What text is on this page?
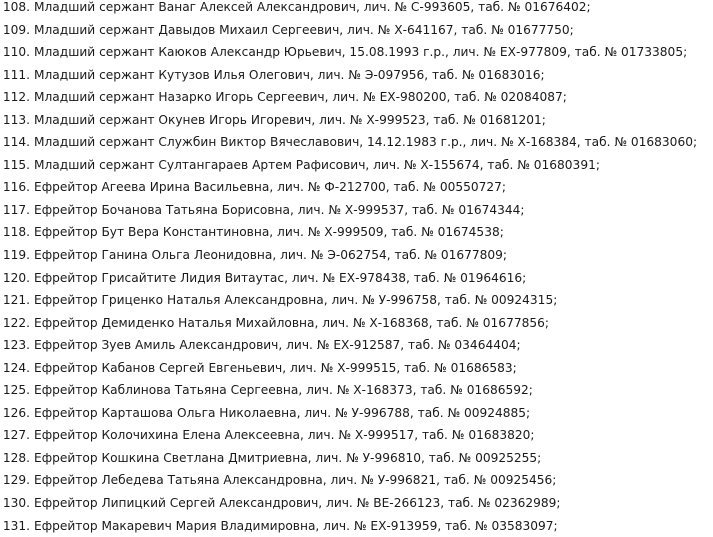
108. Младший сержант Ванаг Алексей Александрович, лич. № С-993605, таб. № 01676402;
109. Младший сержант Давыдов Михаил Сергеевич, лич. № Х-641167, таб. № 01677750;
110. Младший сержант Каюков Александр Юрьевич, 15.08.1993 г.р., лич. № ЕХ-977809, таб. № 01733805;
111. Младший сержант Кутузов Илья Олегович, лич. № Э-097956, таб. № 01683016;
112. Младший сержант Назарко Игорь Сергеевич, лич. № ЕХ-980200, таб. № 02084087;
113. Младший сержант Окунев Игорь Игоревич, лич. № Х-999523, таб. № 01681201;
114. Младший сержант Службин Виктор Вячеславович, 14.12.1983 г.р., лич. № Х-168384, таб. № 01683060;
115. Младший сержант Султангараев Артем Рафисович, лич. № Х-155674, таб. № 01680391;
116. Ефрейтор Агеева Ирина Васильевна, лич. № Ф-212700, таб. № 00550727;
117. Ефрейтор Бочанова Татьяна Борисовна, лич. № Х-999537, таб. № 01674344;
118. Ефрейтор Бут Вера Константиновна, лич. № Х-999509, таб. № 01674538;
119. Ефрейтор Ганина Ольга Леонидовна, лич. № Э-062754, таб. № 01677809;
120. Ефрейтор Грисайтите Лидия Витаутас, лич. № ЕХ-978438, таб. № 01964616;
121. Ефрейтор Гриценко Наталья Александровна, лич. № У-996758, таб. № 00924315;
122. Ефрейтор Демиденко Наталья Михайловна, лич. № Х-168368, таб. № 01677856;
123. Ефрейтор Зуев Амиль Александрович, лич. № ЕХ-912587, таб. № 03464404;
124. Ефрейтор Кабанов Сергей Евгеньевич, лич. № Х-999515, таб. № 01686583;
125. Ефрейтор Каблинова Татьяна Сергеевна, лич. № Х-168373, таб. № 01686592;
126. Ефрейтор Карташова Ольга Николаевна, лич. № У-996788, таб. № 00924885;
127. Ефрейтор Колочихина Елена Алексеевна, лич. № Х-999517, таб. № 01683820;
128. Ефрейтор Кошкина Светлана Дмитриевна, лич. № У-996810, таб. № 00925255;
129. Ефрейтор Лебедева Татьяна Александровна, лич. № У-996821, таб. № 00925456;
130. Ефрейтор Липицкий Сергей Александрович, лич. № ВЕ-266123, таб. № 02362989;
131. Ефрейтор Макаревич Мария Владимировна, лич. № ЕХ-913959, таб. № 03583097;
